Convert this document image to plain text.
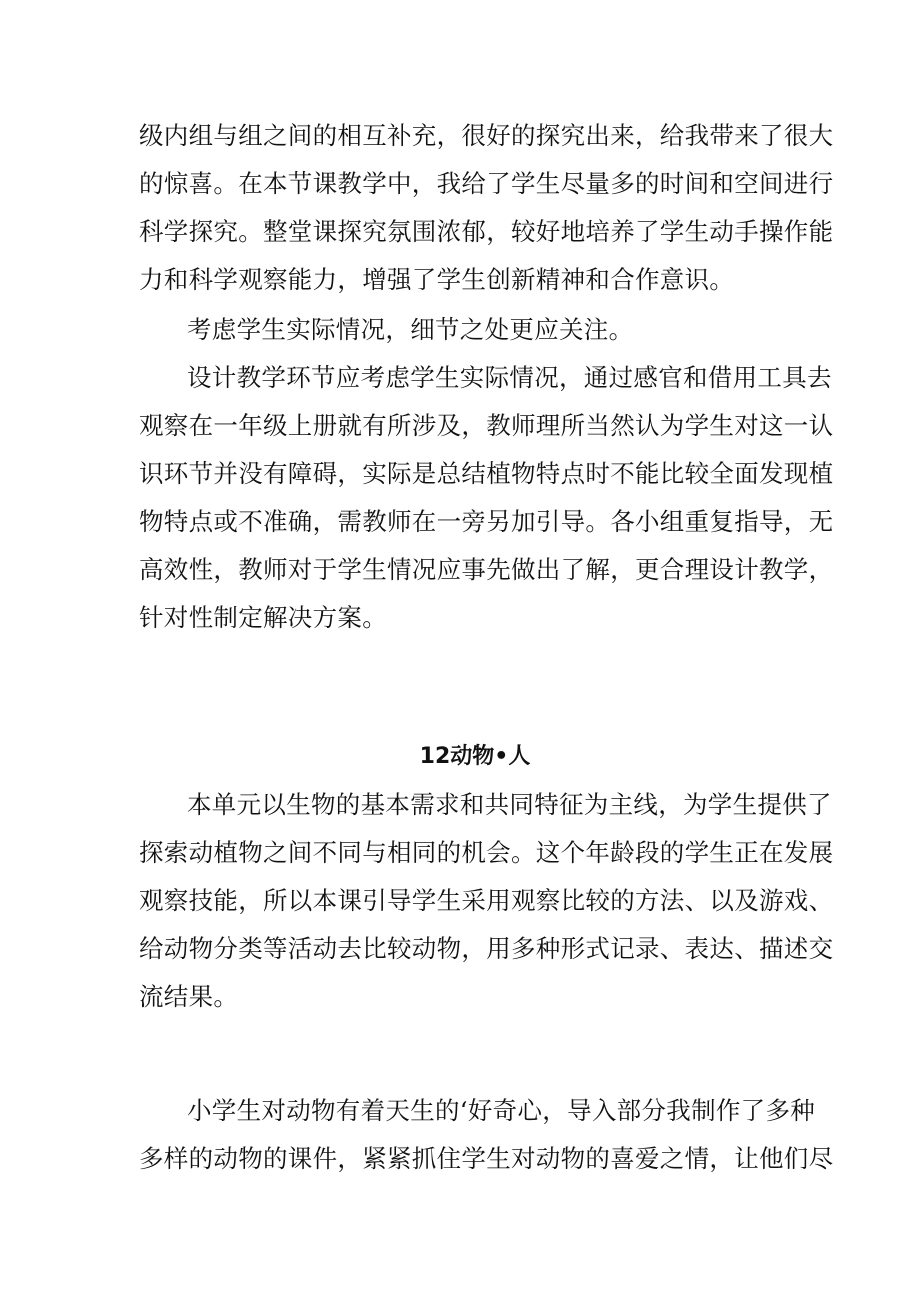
级内组与组之间的相互补充，很好的探究出来，给我带来了很大
的惊喜。在本节课教学中，我给了学生尽量多的时间和空间进行
科学探究。整堂课探究氛围浓郁，较好地培养了学生动手操作能
力和科学观察能力，增强了学生创新精神和合作意识。

考虑学生实际情况，细节之处更应关注。

设计教学环节应考虑学生实际情况，通过感官和借用工具去
观察在一年级上册就有所涉及，教师理所当然认为学生对这一认
识环节并没有障碍，实际是总结植物特点时不能比较全面发现植
物特点或不准确，需教师在一旁另加引导。各小组重复指导，无
高效性，教师对于学生情况应事先做出了解，更合理设计教学，
针对性制定解决方案。

12动物•人

本单元以生物的基本需求和共同特征为主线，为学生提供了
探索动植物之间不同与相同的机会。这个年龄段的学生正在发展
观察技能，所以本课引导学生采用观察比较的方法、以及游戏、
给动物分类等活动去比较动物，用多种形式记录、表达、描述交
流结果。

小学生对动物有着天生的‘好奇心，导入部分我制作了多种
多样的动物的课件，紧紧抓住学生对动物的喜爱之情，让他们尽
